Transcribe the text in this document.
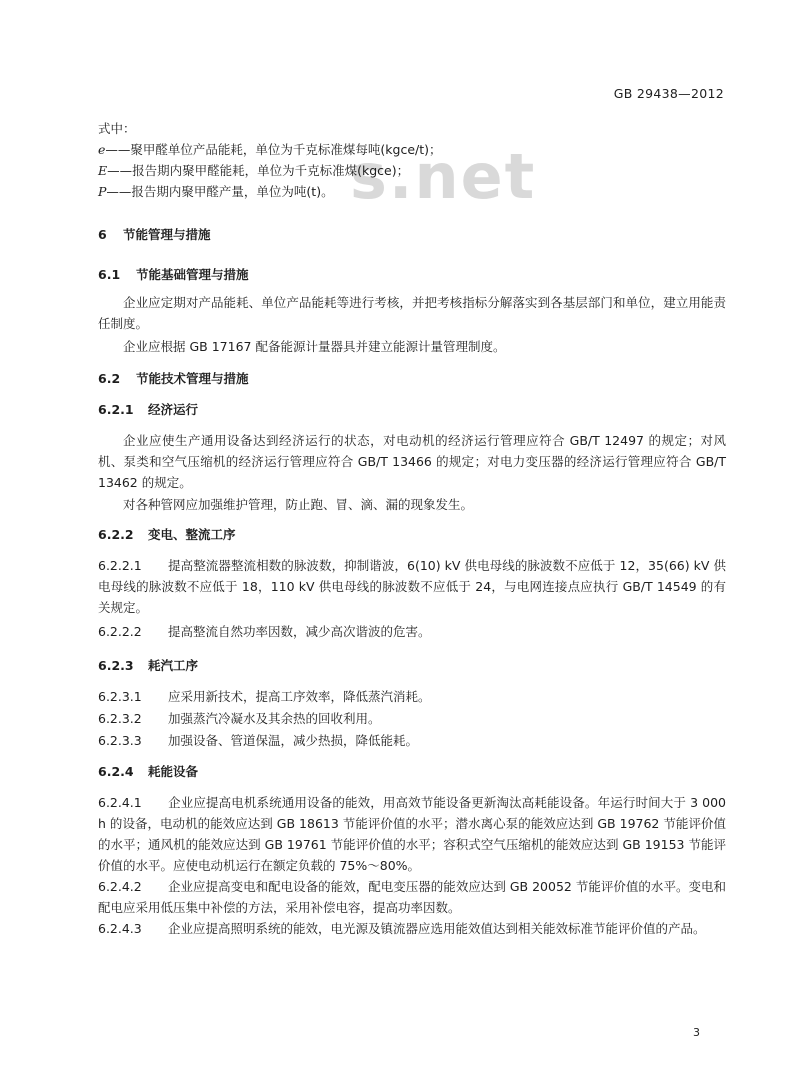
GB 29438—2012
s.net
式中：
e——聚甲醛单位产品能耗，单位为千克标准煤每吨(kgce/t)；
E——报告期内聚甲醛能耗，单位为千克标准煤(kgce)；
P——报告期内聚甲醛产量，单位为吨(t)。
6 节能管理与措施
6.1 节能基础管理与措施
企业应定期对产品能耗、单位产品能耗等进行考核，并把考核指标分解落实到各基层部门和单位，建立用能责任制度。
企业应根据 GB 17167 配备能源计量器具并建立能源计量管理制度。
6.2 节能技术管理与措施
6.2.1 经济运行
企业应使生产通用设备达到经济运行的状态，对电动机的经济运行管理应符合 GB/T 12497 的规定；对风机、泵类和空气压缩机的经济运行管理应符合 GB/T 13466 的规定；对电力变压器的经济运行管理应符合 GB/T 13462 的规定。
对各种管网应加强维护管理，防止跑、冒、滴、漏的现象发生。
6.2.2 变电、整流工序
6.2.2.1 提高整流器整流相数的脉波数，抑制谐波，6(10) kV 供电母线的脉波数不应低于 12，35(66) kV 供电母线的脉波数不应低于 18，110 kV 供电母线的脉波数不应低于 24，与电网连接点应执行 GB/T 14549 的有关规定。
6.2.2.2 提高整流自然功率因数，减少高次谐波的危害。
6.2.3 耗汽工序
6.2.3.1 应采用新技术，提高工序效率，降低蒸汽消耗。
6.2.3.2 加强蒸汽冷凝水及其余热的回收利用。
6.2.3.3 加强设备、管道保温，减少热损，降低能耗。
6.2.4 耗能设备
6.2.4.1 企业应提高电机系统通用设备的能效，用高效节能设备更新淘汰高耗能设备。年运行时间大于 3 000 h 的设备，电动机的能效应达到 GB 18613 节能评价值的水平；潜水离心泵的能效应达到 GB 19762 节能评价值的水平；通风机的能效应达到 GB 19761 节能评价值的水平；容积式空气压缩机的能效应达到 GB 19153 节能评价值的水平。应使电动机运行在额定负载的 75%～80%。
6.2.4.2 企业应提高变电和配电设备的能效，配电变压器的能效应达到 GB 20052 节能评价值的水平。变电和配电应采用低压集中补偿的方法，采用补偿电容，提高功率因数。
6.2.4.3 企业应提高照明系统的能效，电光源及镇流器应选用能效值达到相关能效标准节能评价值的产品。
3
